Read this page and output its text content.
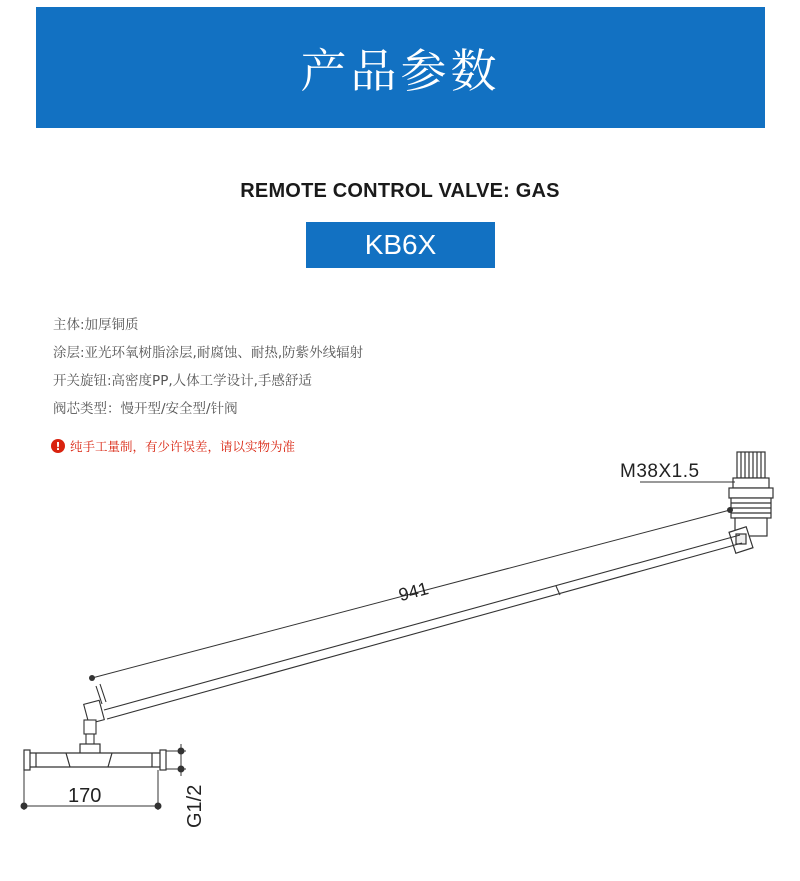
产品参数
REMOTE CONTROL VALVE: GAS
KB6X
主体:加厚铜质
涂层:亚光环氧树脂涂层,耐腐蚀、耐热,防紫外线辐射
开关旋钮:高密度PP,人体工学设计,手感舒适
阀芯类型：慢开型/安全型/针阀
! 纯手工量制，有少许误差，请以实物为准
M38X1.5
941
170	G1/2
